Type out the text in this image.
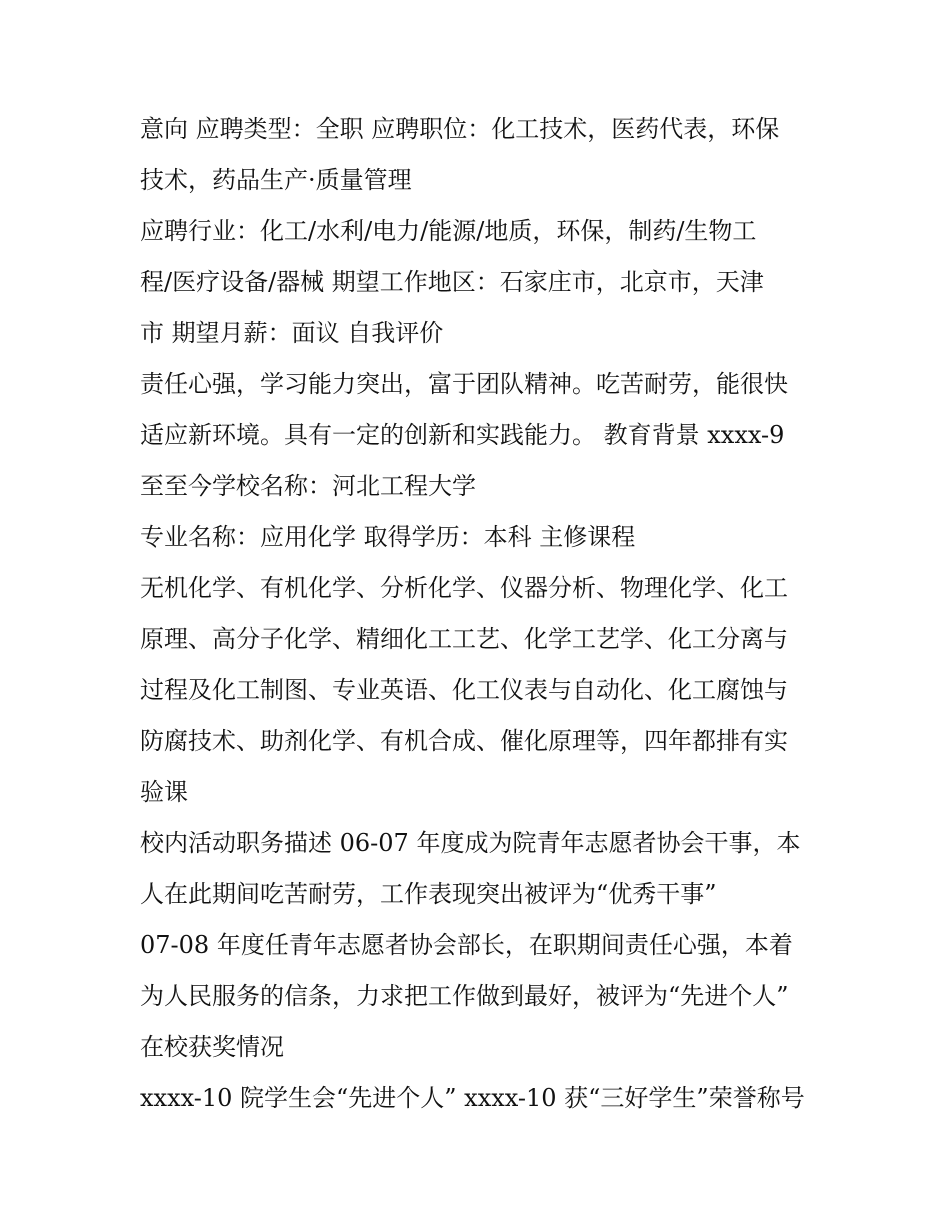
意向 应聘类型：全职 应聘职位：化工技术，医药代表，环保
技术，药品生产·质量管理
应聘行业：化工/水利/电力/能源/地质，环保，制药/生物工
程/医疗设备/器械 期望工作地区：石家庄市，北京市，天津
市 期望月薪：面议 自我评价
责任心强，学习能力突出，富于团队精神。吃苦耐劳，能很快
适应新环境。具有一定的创新和实践能力。 教育背景 xxxx-9
至至今学校名称：河北工程大学
专业名称：应用化学 取得学历：本科 主修课程
无机化学、有机化学、分析化学、仪器分析、物理化学、化工
原理、高分子化学、精细化工工艺、化学工艺学、化工分离与
过程及化工制图、专业英语、化工仪表与自动化、化工腐蚀与
防腐技术、助剂化学、有机合成、催化原理等，四年都排有实
验课
校内活动职务描述 06-07 年度成为院青年志愿者协会干事，本
人在此期间吃苦耐劳，工作表现突出被评为“优秀干事”
07-08 年度任青年志愿者协会部长，在职期间责任心强，本着
为人民服务的信条，力求把工作做到最好，被评为“先进个人”
在校获奖情况
xxxx-10 院学生会“先进个人” xxxx-10 获“三好学生”荣誉称号
